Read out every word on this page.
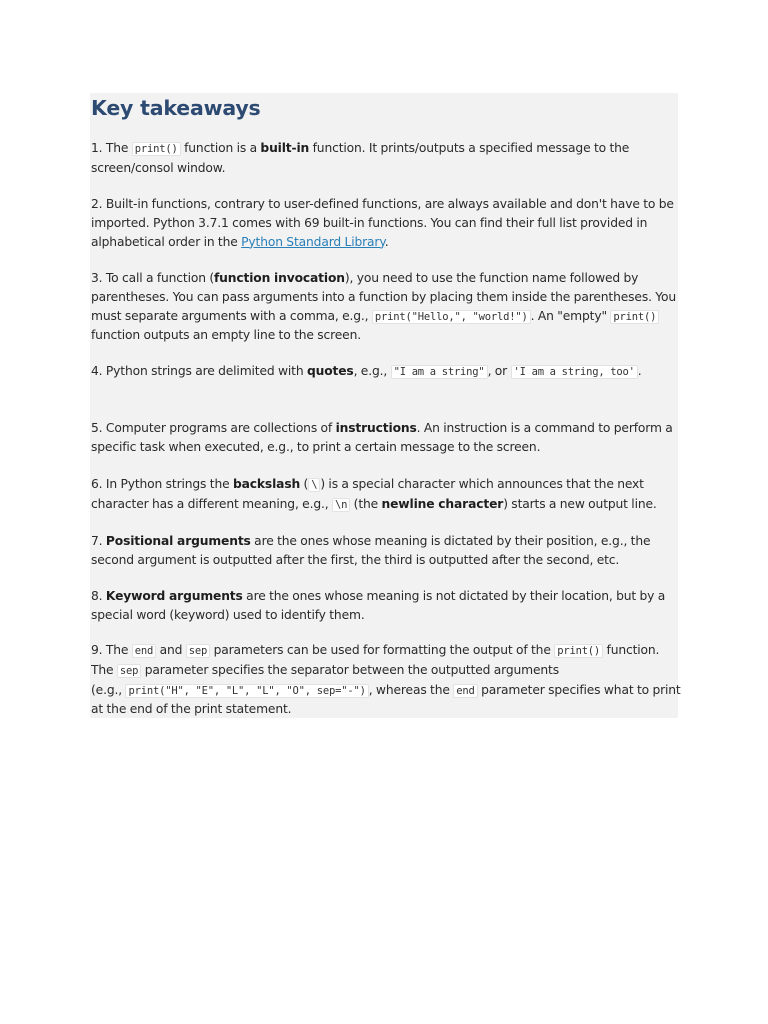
Key takeaways

1. The print() function is a built-in function. It prints/outputs a specified message to the screen/consol window.

2. Built-in functions, contrary to user-defined functions, are always available and don't have to be imported. Python 3.7.1 comes with 69 built-in functions. You can find their full list provided in alphabetical order in the Python Standard Library.

3. To call a function (function invocation), you need to use the function name followed by parentheses. You can pass arguments into a function by placing them inside the parentheses. You must separate arguments with a comma, e.g., print("Hello,", "world!") . An "empty" print() function outputs an empty line to the screen.

4. Python strings are delimited with quotes, e.g., "I am a string" , or 'I am a string, too' .

5. Computer programs are collections of instructions. An instruction is a command to perform a specific task when executed, e.g., to print a certain message to the screen.

6. In Python strings the backslash ( \ ) is a special character which announces that the next character has a different meaning, e.g., \n (the newline character) starts a new output line.

7. Positional arguments are the ones whose meaning is dictated by their position, e.g., the second argument is outputted after the first, the third is outputted after the second, etc.

8. Keyword arguments are the ones whose meaning is not dictated by their location, but by a special word (keyword) used to identify them.

9. The end and sep parameters can be used for formatting the output of the print() function. The sep parameter specifies the separator between the outputted arguments
(e.g., print("H", "E", "L", "L", "O", sep="-") , whereas the end parameter specifies what to print at the end of the print statement.
